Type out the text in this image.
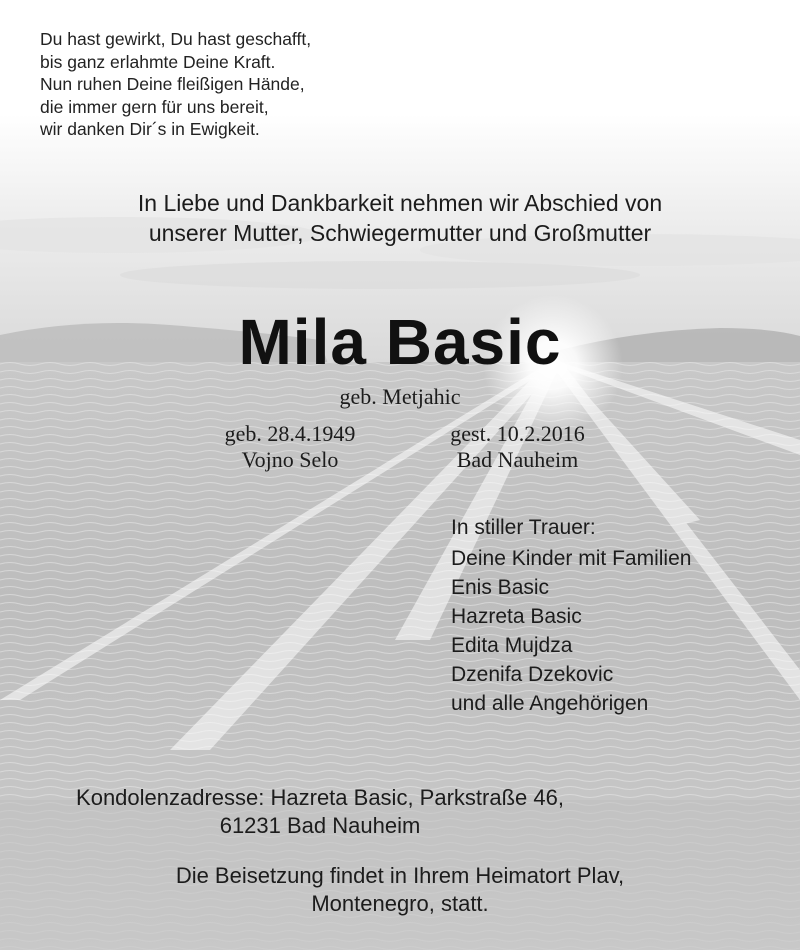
Du hast gewirkt, Du hast geschafft,
bis ganz erlahmte Deine Kraft.
Nun ruhen Deine fleißigen Hände,
die immer gern für uns bereit,
wir danken Dir´s in Ewigkeit.
In Liebe und Dankbarkeit nehmen wir Abschied von
unserer Mutter, Schwiegermutter und Großmutter
Mila Basic
geb. Metjahic
geb. 28.4.1949
Vojno Selo
gest. 10.2.2016
Bad Nauheim
In stiller Trauer:
Deine Kinder mit Familien
Enis Basic
Hazreta Basic
Edita Mujdza
Dzenifa Dzekovic
und alle Angehörigen
Kondolenzadresse: Hazreta Basic, Parkstraße 46,
61231 Bad Nauheim
Die Beisetzung findet in Ihrem Heimatort Plav,
Montenegro, statt.
